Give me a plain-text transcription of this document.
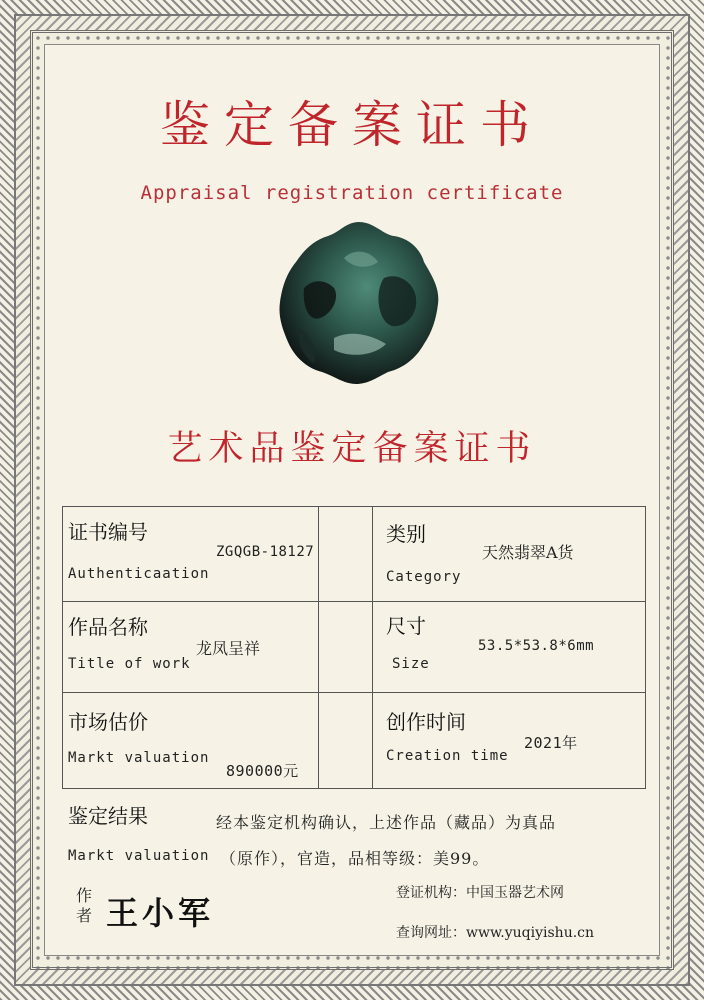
鉴定备案证书
Appraisal registration certificate
艺术品鉴定备案证书
证书编号
ZGQGB-18127
Authenticaation
类别
天然翡翠A货
Category
作品名称
龙凤呈祥
Title of work
尺寸
53.5*53.8*6mm
Size
市场估价
Markt valuation
890000元
创作时间
2021年
Creation time
鉴定结果	经本鉴定机构确认，上述作品（藏品）为真品
Markt valuation （原作），官造，品相等级：美99。
作
者 王小军
登证机构：中国玉器艺术网
查询网址：www.yuqiyishu.cn
